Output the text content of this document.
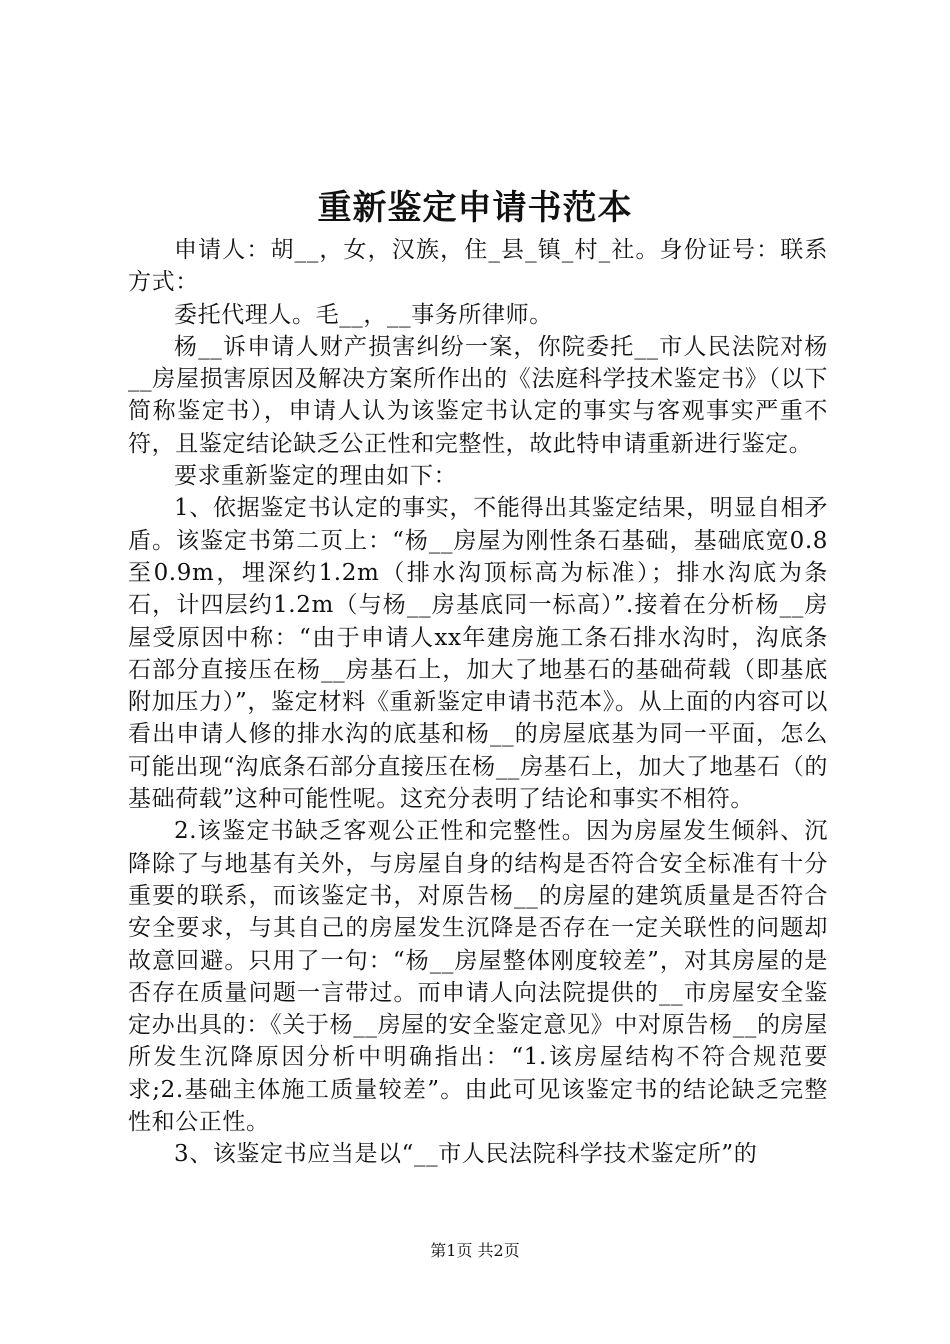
重新鉴定申请书范本

申请人：胡__，女，汉族，住_县_镇_村_社。身份证号：联系方式：

委托代理人。毛__，__事务所律师。

杨__诉申请人财产损害纠纷一案，你院委托__市人民法院对杨__房屋损害原因及解决方案所作出的《法庭科学技术鉴定书》（以下简称鉴定书），申请人认为该鉴定书认定的事实与客观事实严重不符，且鉴定结论缺乏公正性和完整性，故此特申请重新进行鉴定。

要求重新鉴定的理由如下：

1、依据鉴定书认定的事实，不能得出其鉴定结果，明显自相矛盾。该鉴定书第二页上：“杨__房屋为刚性条石基础，基础底宽0.8至0.9m，埋深约1.2m（排水沟顶标高为标准）；排水沟底为条石，计四层约1.2m（与杨__房基底同一标高）”.接着在分析杨__房屋受原因中称：“由于申请人xx年建房施工条石排水沟时，沟底条石部分直接压在杨__房基石上，加大了地基石的基础荷载（即基底附加压力）”，鉴定材料《重新鉴定申请书范本》。从上面的内容可以看出申请人修的排水沟的底基和杨__的房屋底基为同一平面，怎么可能出现“沟底条石部分直接压在杨__房基石上，加大了地基石（的基础荷载”这种可能性呢。这充分表明了结论和事实不相符。

2.该鉴定书缺乏客观公正性和完整性。因为房屋发生倾斜、沉降除了与地基有关外，与房屋自身的结构是否符合安全标准有十分重要的联系，而该鉴定书，对原告杨__的房屋的建筑质量是否符合安全要求，与其自己的房屋发生沉降是否存在一定关联性的问题却故意回避。只用了一句：“杨__房屋整体刚度较差”，对其房屋的是否存在质量问题一言带过。而申请人向法院提供的__市房屋安全鉴定办出具的：《关于杨__房屋的安全鉴定意见》中对原告杨__的房屋所发生沉降原因分析中明确指出：“1.该房屋结构不符合规范要求;2.基础主体施工质量较差”。由此可见该鉴定书的结论缺乏完整性和公正性。

3、该鉴定书应当是以“__市人民法院科学技术鉴定所”的

第1页 共2页
